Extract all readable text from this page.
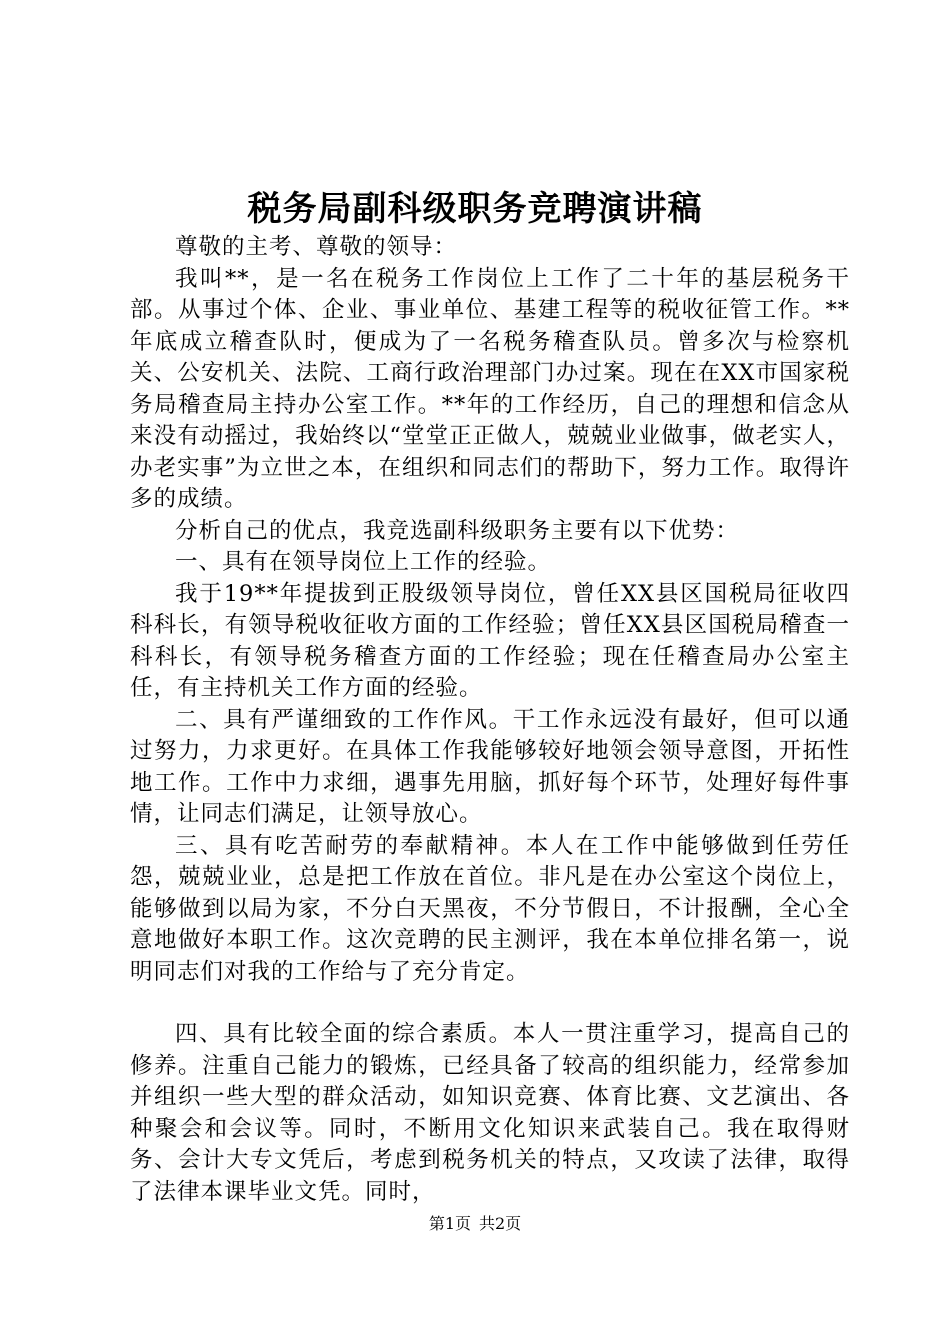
税务局副科级职务竞聘演讲稿

尊敬的主考、尊敬的领导：

我叫**，是一名在税务工作岗位上工作了二十年的基层税务干部。从事过个体、企业、事业单位、基建工程等的税收征管工作。**年底成立稽查队时，便成为了一名税务稽查队员。曾多次与检察机关、公安机关、法院、工商行政治理部门办过案。现在在XX市国家税务局稽查局主持办公室工作。**年的工作经历，自己的理想和信念从来没有动摇过，我始终以“堂堂正正做人，兢兢业业做事，做老实人，办老实事”为立世之本，在组织和同志们的帮助下，努力工作。取得许多的成绩。

分析自己的优点，我竞选副科级职务主要有以下优势：

一、具有在领导岗位上工作的经验。

我于19**年提拔到正股级领导岗位，曾任XX县区国税局征收四科科长，有领导税收征收方面的工作经验；曾任XX县区国税局稽查一科科长，有领导税务稽查方面的工作经验；现在任稽查局办公室主任，有主持机关工作方面的经验。

二、具有严谨细致的工作作风。干工作永远没有最好，但可以通过努力，力求更好。在具体工作我能够较好地领会领导意图，开拓性地工作。工作中力求细，遇事先用脑，抓好每个环节，处理好每件事情，让同志们满足，让领导放心。

三、具有吃苦耐劳的奉献精神。本人在工作中能够做到任劳任怨，兢兢业业，总是把工作放在首位。非凡是在办公室这个岗位上，能够做到以局为家，不分白天黑夜，不分节假日，不计报酬，全心全意地做好本职工作。这次竞聘的民主测评，我在本单位排名第一，说明同志们对我的工作给与了充分肯定。

四、具有比较全面的综合素质。本人一贯注重学习，提高自己的修养。注重自己能力的锻炼，已经具备了较高的组织能力，经常参加并组织一些大型的群众活动，如知识竞赛、体育比赛、文艺演出、各种聚会和会议等。同时，不断用文化知识来武装自己。我在取得财务、会计大专文凭后，考虑到税务机关的特点，又攻读了法律，取得了法律本课毕业文凭。同时，

第1页 共2页
